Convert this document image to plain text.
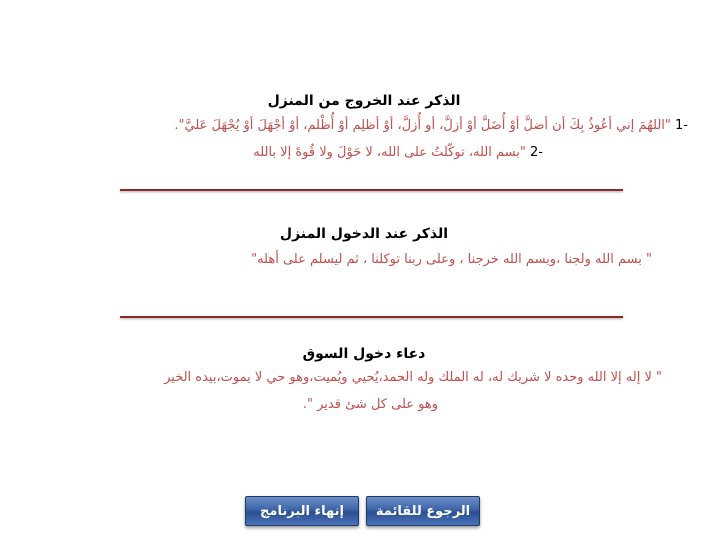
الذكر عند الخروج من المنزل
-1 "اللهُمَ إني أعُوذُ بِكَ أن أضلَّ أوْ أُضَلَّ أوْ أزلَّ، أو أُزلَّ، أوْ أظلِم أوْ أُظْلم، أوْ أجْهَلَ أوْ يُجْهَلَ عَليَّ".
-2 "بسم الله، توكّلتُ على الله، لا حَوْلَ ولا قُوةَ إلا بالله
الذكر عند الدخول المنزل
" بسم الله ولجنا ،وبسم الله خرجنا ، وعلى ربنا توكلنا ، ثم ليسلم على أهله"
دعاء دخول السوق
" لا إله إلا الله وحده لا شريك له، له الملك وله الحمد،يُحيي ويُميت،وهو حي لا يموت،بيده الخير
وهو على كل شئ قدير ".
إنهاء البرنامج الرجوع للقائمة
